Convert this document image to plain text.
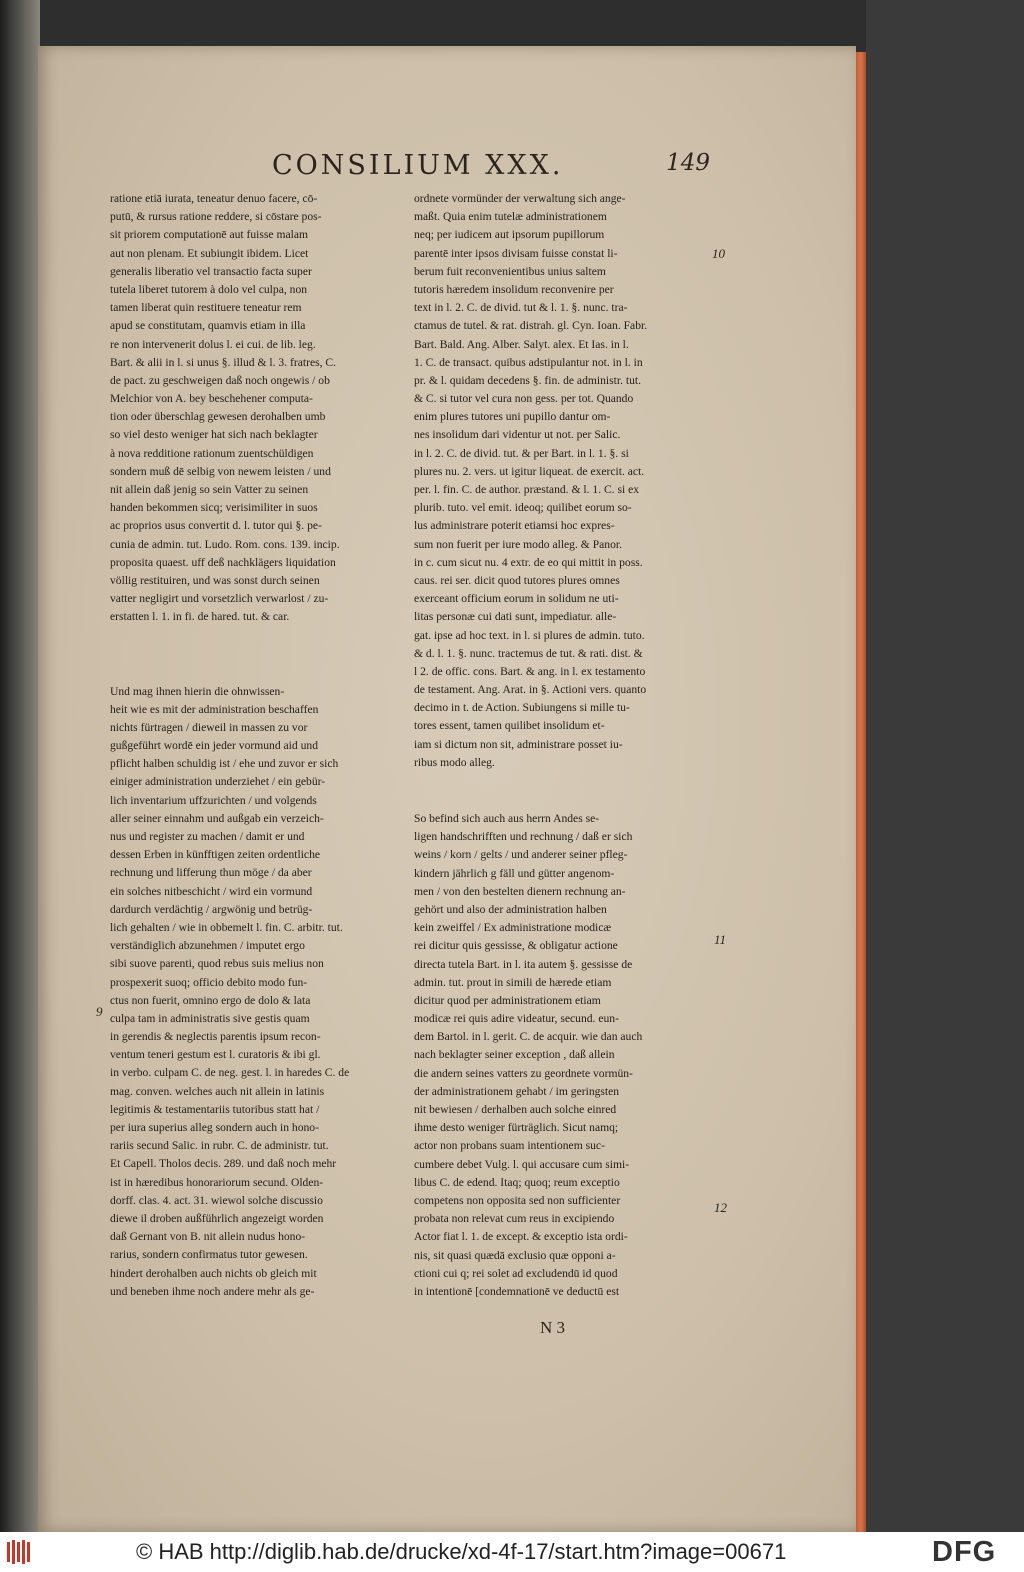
CONSILIUM XXX.	149
ratione etiā iurata, teneatur denuo facere, cō-
putū, & rursus ratione reddere, si cōstare pos-
sit priorem computationē aut fuisse malam
aut non plenam. Et subiungit ibidem. Licet
generalis liberatio vel transactio facta super
tutela liberet tutorem à dolo vel culpa, non
tamen liberat quin restituere teneatur rem
apud se constitutam, quamvis etiam in illa
re non intervenerit dolus l. ei cui. de lib. leg.
Bart. & alii in l. si unus §. illud & l. 3. fratres, C.
de pact. zu geschweigen daß noch ongewis / ob
Melchior von A. bey beschehener computa-
tion oder überschlag gewesen derohalben umb
so viel desto weniger hat sich nach beklagter
à nova redditione rationum zuentschüldigen
sondern muß dē selbig von newem leisten / und
nit allein daß jenig so sein Vatter zu seinen
handen bekommen sicq; verisimiliter in suos
ac proprios usus convertit d. l. tutor qui §. pe-
cunia de admin. tut. Ludo. Rom. cons. 139. incip.
proposita quaest. uff deß nachklägers liquidation
völlig restituiren, und was sonst durch seinen
vatter negligirt und vorsetzlich verwarlost / zu-
erstatten l. 1. in fi. de hared. tut. & car.
Und mag ihnen hierin die ohnwissen-
heit wie es mit der administration beschaffen
nichts fürtragen / dieweil in massen zu vor
gußgeführt wordē ein jeder vormund aid und
pflicht halben schuldig ist / ehe und zuvor er sich
einiger administration underziehet / ein gebür-
lich inventarium uffzurichten / und volgends
aller seiner einnahm und außgab ein verzeich-
nus und register zu machen / damit er und
dessen Erben in künfftigen zeiten ordentliche
rechnung und lifferung thun möge / da aber
ein solches nitbeschicht / wird ein vormund
dardurch verdächtig / argwönig und betrüg-
lich gehalten / wie in obbemelt l. fin. C. arbitr. tut.
verständiglich abzunehmen / imputet ergo
sibi suove parenti, quod rebus suis melius non
prospexerit suoq; officio debito modo fun-
ctus non fuerit, omnino ergo de dolo & lata
culpa tam in administratis sive gestis quam
in gerendis & neglectis parentis ipsum recon-
ventum teneri gestum est l. curatoris & ibi gl.
in verbo. culpam C. de neg. gest. l. in haredes C. de
mag. conven. welches auch nit allein in latinis
legitimis & testamentariis tutoribus statt hat /
per iura superius alleg sondern auch in hono-
rariis secund Salic. in rubr. C. de administr. tut.
Et Capell. Tholos decis. 289. und daß noch mehr
ist in hæredibus honorariorum secund. Olden-
dorff. clas. 4. act. 31. wiewol solche discussio
diewe il droben außführlich angezeigt worden
daß Gernant von B. nit allein nudus hono-
rarius, sondern confirmatus tutor gewesen.
hindert derohalben auch nichts ob gleich mit
und beneben ihme noch andere mehr als ge-
ordnete vormünder der verwaltung sich ange-
maßt. Quia enim tutelæ administrationem
neq; per iudicem aut ipsorum pupillorum
parentē inter ipsos divisam fuisse constat li-
berum fuit reconvenientibus unius saltem
tutoris hæredem insolidum reconvenire per
text in l. 2. C. de divid. tut & l. 1. §. nunc. tra-
ctamus de tutel. & rat. distrah. gl. Cyn. Ioan. Fabr.
Bart. Bald. Ang. Alber. Salyt. alex. Et Ias. in l.
1. C. de transact. quibus adstipulantur not. in l. in
pr. & l. quidam decedens §. fin. de administr. tut.
& C. si tutor vel cura non gess. per tot. Quando
enim plures tutores uni pupillo dantur om-
nes insolidum dari videntur ut not. per Salic.
in l. 2. C. de divid. tut. & per Bart. in l. 1. §. si
plures nu. 2. vers. ut igitur liqueat. de exercit. act.
per. l. fin. C. de author. præstand. & l. 1. C. si ex
plurib. tuto. vel emit. ideoq; quilibet eorum so-
lus administrare poterit etiamsi hoc expres-
sum non fuerit per iure modo alleg. & Panor.
in c. cum sicut nu. 4 extr. de eo qui mittit in poss.
caus. rei ser. dicit quod tutores plures omnes
exerceant officium eorum in solidum ne uti-
litas personæ cui dati sunt, impediatur. alle-
gat. ipse ad hoc text. in l. si plures de admin. tuto.
& d. l. 1. §. nunc. tractemus de tut. & rati. dist. &
l 2. de offic. cons. Bart. & ang. in l. ex testamento
de testament. Ang. Arat. in §. Actioni vers. quanto
decimo in t. de Action. Subiungens si mille tu-
tores essent, tamen quilibet insolidum et-
iam si dictum non sit, administrare posset iu-
ribus modo alleg.
So befind sich auch aus herrn Andes se-
ligen handschrifften und rechnung / daß er sich
weins / korn / gelts / und anderer seiner pfleg-
kindern jährlich g fäll und gütter angenom-
men / von den bestelten dienern rechnung an-
gehört und also der administration halben
kein zweiffel / Ex administratione modicæ
rei dicitur quis gessisse, & obligatur actione
directa tutela Bart. in l. ita autem §. gessisse de
admin. tut. prout in simili de hærede etiam
dicitur quod per administrationem etiam
modicæ rei quis adire videatur, secund. eun-
dem Bartol. in l. gerit. C. de acquir. wie dan auch
nach beklagter seiner exception , daß allein
die andern seines vatters zu geordnete vormün-
der administrationem gehabt / im geringsten
nit bewiesen / derhalben auch solche einred
ihme desto weniger fürträglich. Sicut namq;
actor non probans suam intentionem suc-
cumbere debet Vulg. l. qui accusare cum simi-
libus C. de edend. Itaq; quoq; reum exceptio
competens non opposita sed non sufficienter
probata non relevat cum reus in excipiendo
Actor fiat l. 1. de except. & exceptio ista ordi-
nis, sit quasi quædā exclusio quæ opponi a-
ctioni cui q; rei solet ad excludendū id quod
in intentionē [condemnationē ve deductū est
10
9
11
12
N 3
© HAB http://diglib.hab.de/drucke/xd-4f-17/start.htm?image=00671	DFG
